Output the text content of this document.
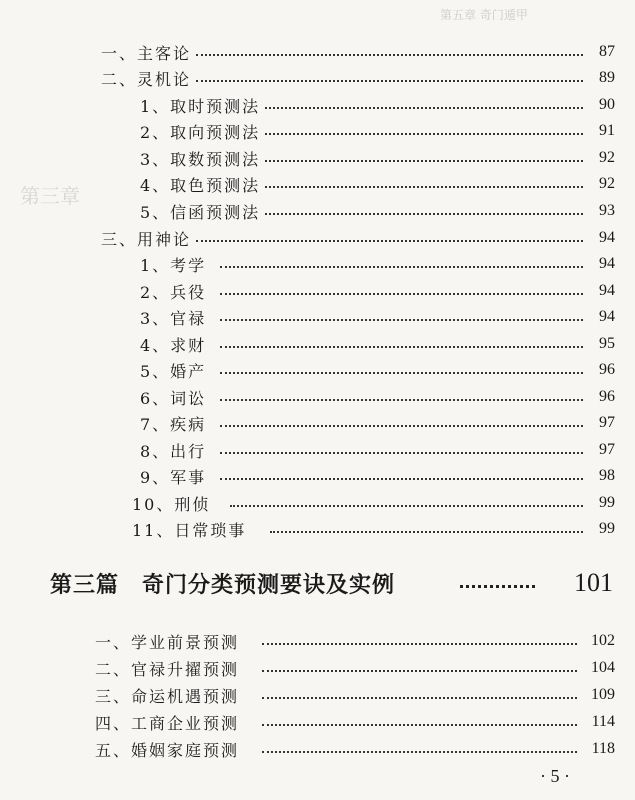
第五章 奇门遁甲
第三章
一、主客论	87
二、灵机论	89
1、取时预测法	90
2、取向预测法	91
3、取数预测法	92
4、取色预测法	92
5、信函预测法	93
三、用神论	94
1、考学	94
2、兵役	94
3、官禄	94
4、求财	95
5、婚产	96
6、词讼	96
7、疾病	97
8、出行	97
9、军事	98
10、刑侦	99
11、日常琐事	99
第三篇　奇门分类预测要诀及实例	101
一、学业前景预测	102
二、官禄升擢预测	104
三、命运机遇预测	109
四、工商企业预测	114
五、婚姻家庭预测	118
· 5 ·
